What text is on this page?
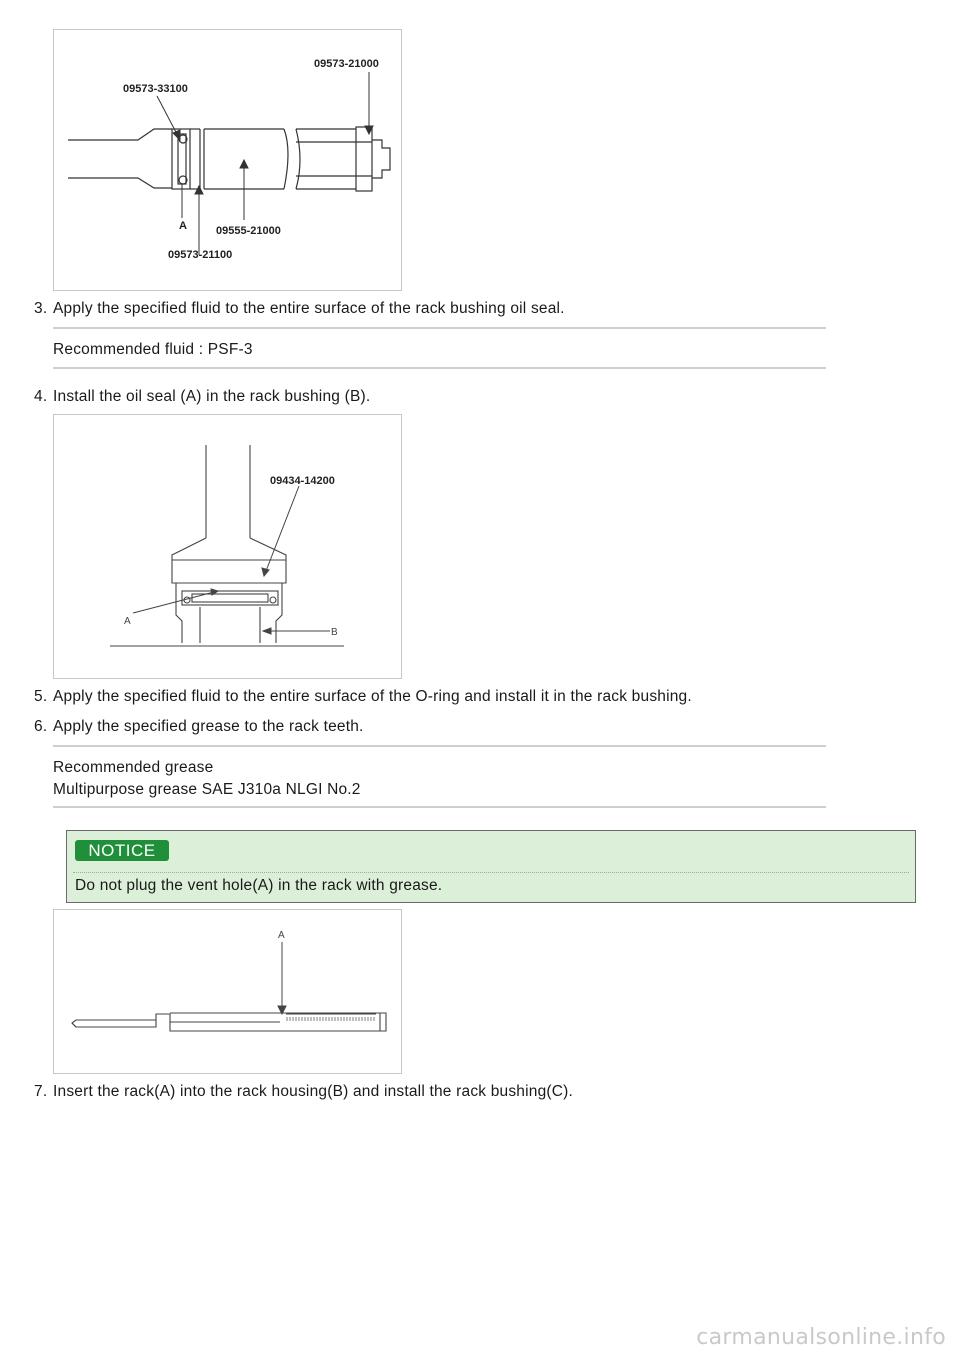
09573-21000
09573-33100
A	09555-21000
09573-21100
3. Apply the specified fluid to the entire surface of the rack bushing oil seal.
Recommended fluid : PSF-3
4. Install the oil seal (A) in the rack bushing (B).
09434-14200
A
B
5. Apply the specified fluid to the entire surface of the O-ring and install it in the rack bushing.
6. Apply the specified grease to the rack teeth.
Recommended grease
Multipurpose grease SAE J310a NLGI No.2
NOTICE
Do not plug the vent hole(A) in the rack with grease.
A
7. Insert the rack(A) into the rack housing(B) and install the rack bushing(C).
carmanualsonline.info
